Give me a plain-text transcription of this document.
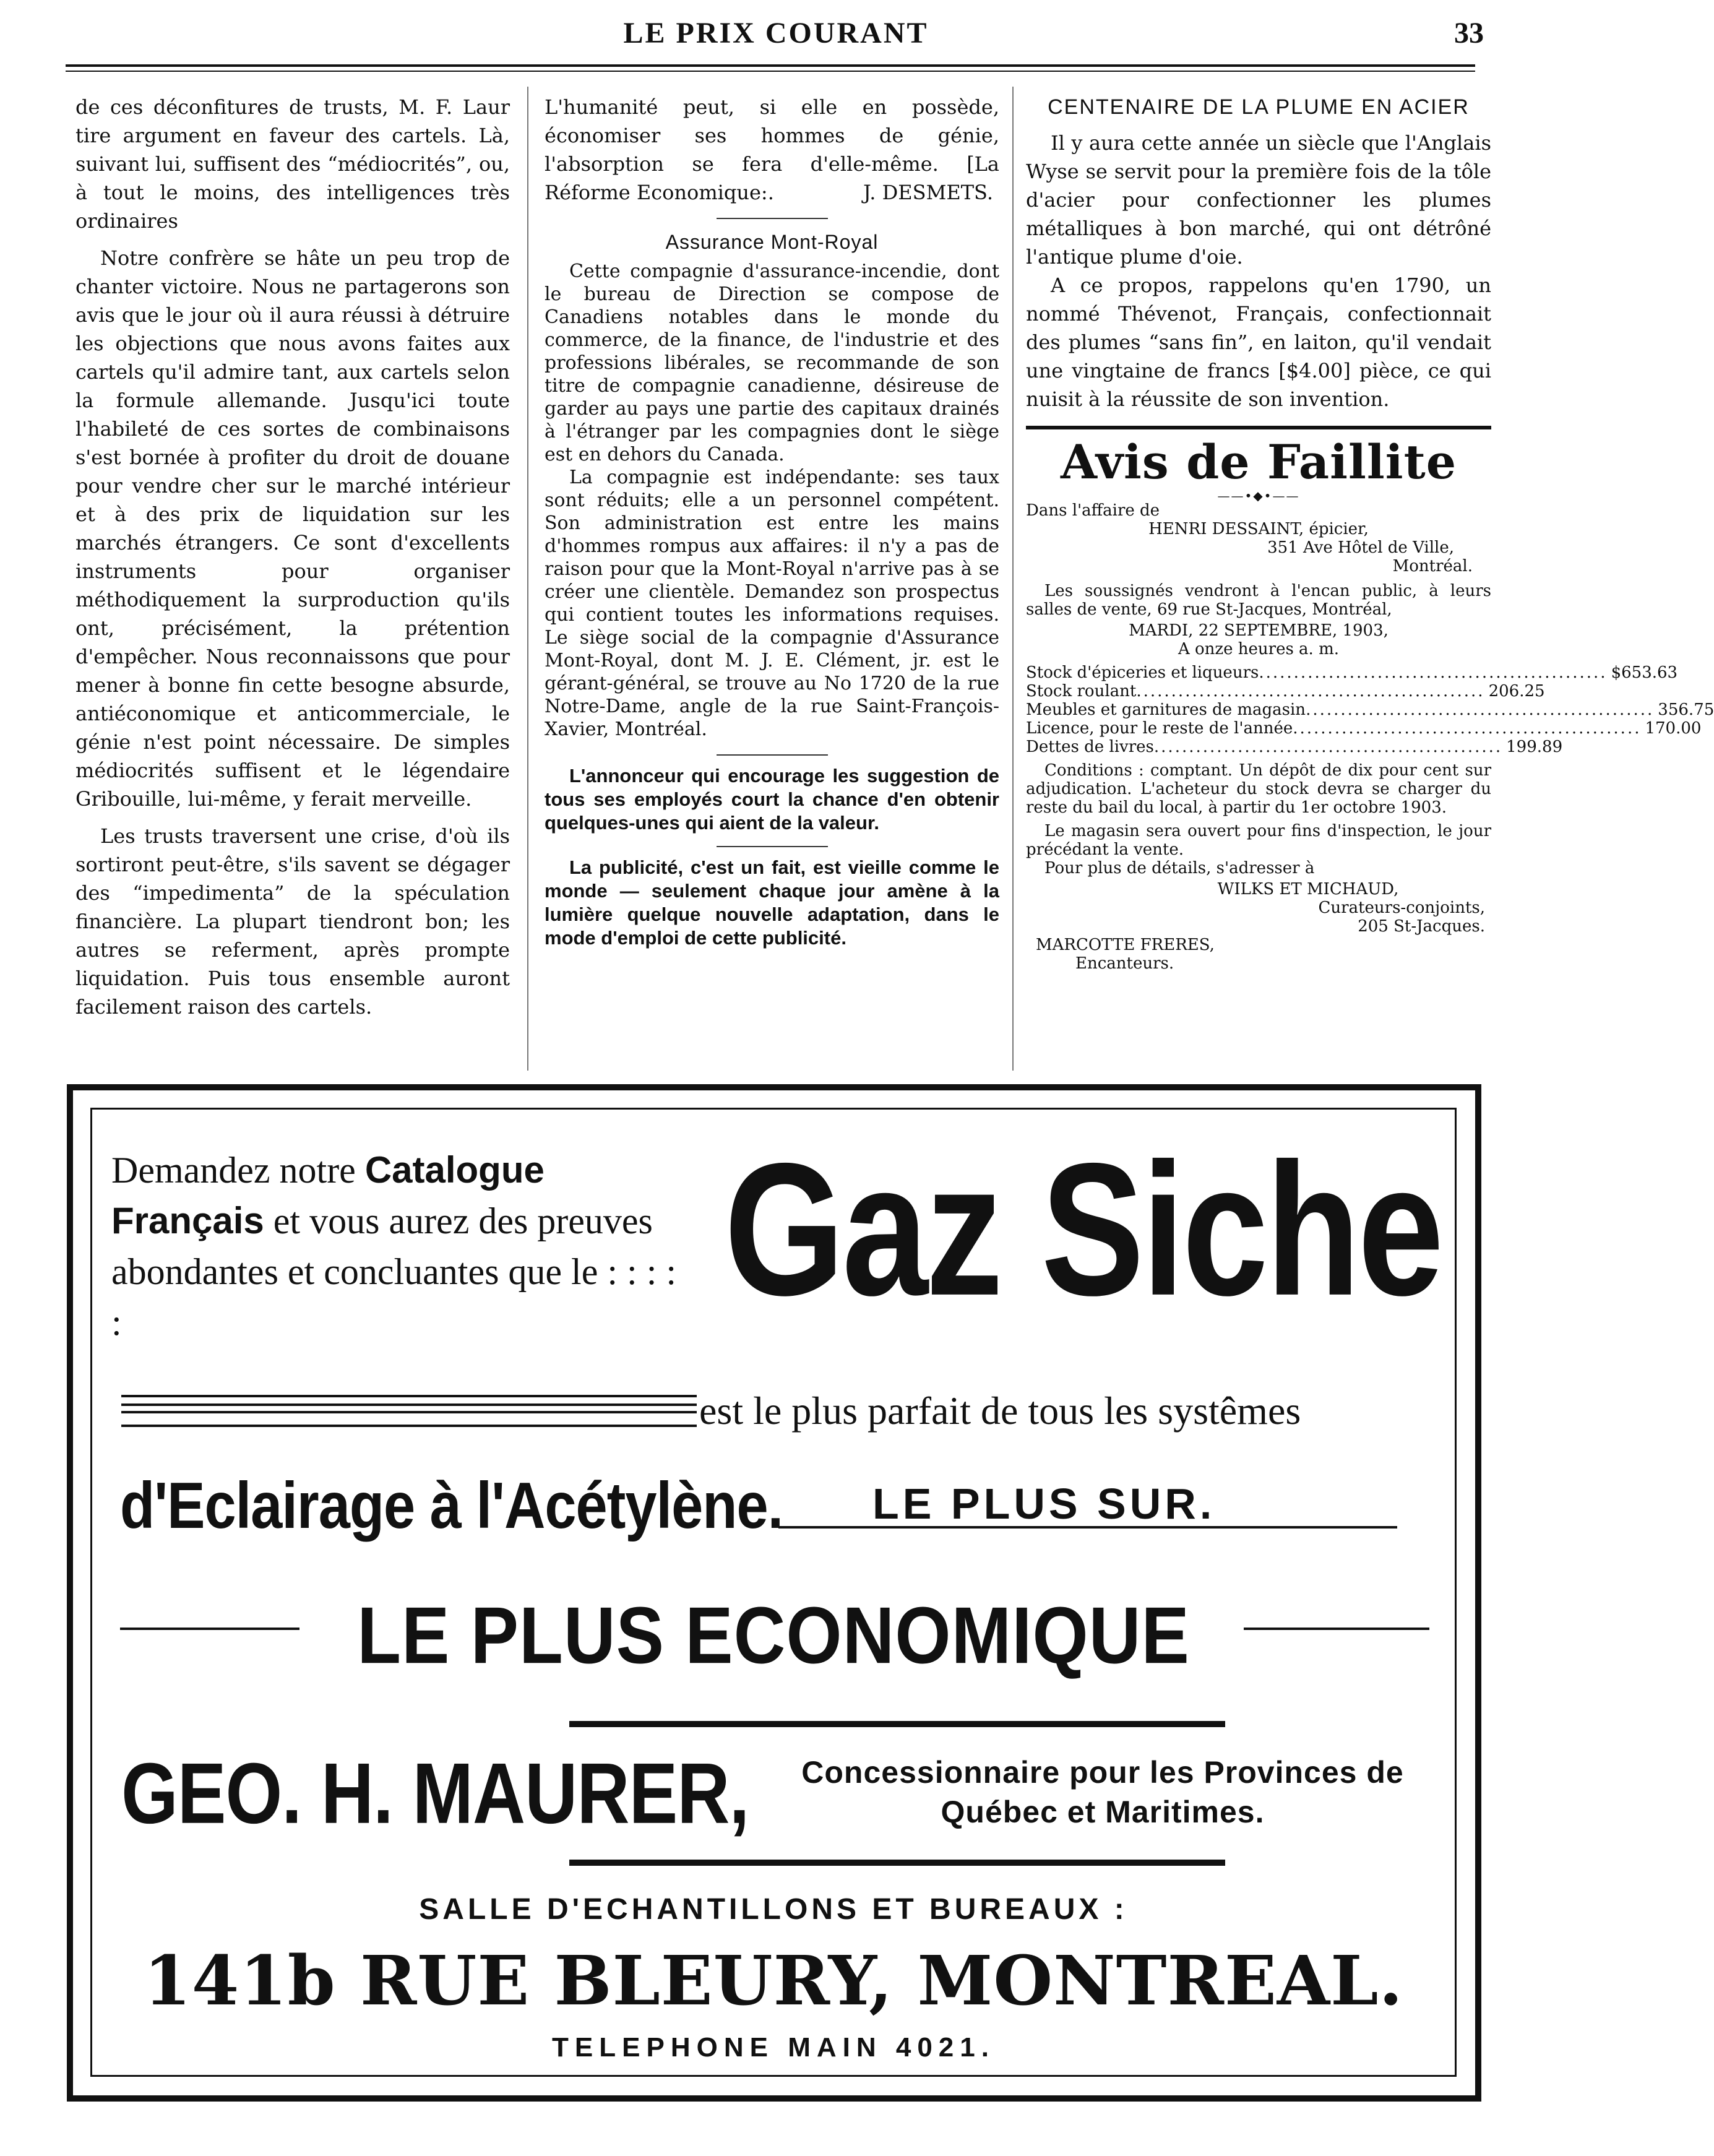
LE PRIX COURANT	33

de ces déconfitures de trusts, M. F. Laur tire argument en faveur des cartels. Là, suivant lui, suffisent des “médiocrités”, ou, à tout le moins, des intelligences très ordinaires

Notre confrère se hâte un peu trop de chanter victoire. Nous ne partagerons son avis que le jour où il aura réussi à détruire les objections que nous avons faites aux cartels qu'il admire tant, aux cartels selon la formule allemande. Jusqu'ici toute l'habileté de ces sortes de combinaisons s'est bornée à profiter du droit de douane pour vendre cher sur le marché intérieur et à des prix de liquidation sur les marchés étrangers. Ce sont d'excellents instruments pour organiser méthodiquement la surproduction qu'ils ont, précisément, la prétention d'empêcher. Nous reconnaissons que pour mener à bonne fin cette besogne absurde, antiéconomique et anticommerciale, le génie n'est point nécessaire. De simples médiocrités suffisent et le légendaire Gribouille, lui-même, y ferait merveille.

Les trusts traversent une crise, d'où ils sortiront peut-être, s'ils savent se dégager des “impedimenta” de la spéculation financière. La plupart tiendront bon; les autres se referment, après prompte liquidation. Puis tous ensemble auront facilement raison des cartels.

L'humanité peut, si elle en possède, économiser ses hommes de génie, l'absorption se fera d'elle-même. [La Réforme Economique:.	J. DESMETS.
Assurance Mont-Royal

Cette compagnie d'assurance-incendie, dont le bureau de Direction se compose de Canadiens notables dans le monde du commerce, de la finance, de l'industrie et des professions libérales, se recommande de son titre de compagnie canadienne, désireuse de garder au pays une partie des capitaux drainés à l'étranger par les compagnies dont le siège est en dehors du Canada.

La compagnie est indépendante: ses taux sont réduits; elle a un personnel compétent. Son administration est entre les mains d'hommes rompus aux affaires: il n'y a pas de raison pour que la Mont-Royal n'arrive pas à se créer une clientèle. Demandez son prospectus qui contient toutes les informations requises. Le siège social de la compagnie d'Assurance Mont-Royal, dont M. J. E. Clément, jr. est le gérant-général, se trouve au No 1720 de la rue Notre-Dame, angle de la rue Saint-François-Xavier, Montréal.

L'annonceur qui encourage les suggestion de tous ses employés court la chance d'en obtenir quelques-unes qui aient de la valeur.

La publicité, c'est un fait, est vieille comme le monde — seulement chaque jour amène à la lumière quelque nouvelle adaptation, dans le mode d'emploi de cette publicité.

CENTENAIRE DE LA PLUME EN ACIER

Il y aura cette année un siècle que l'Anglais Wyse se servit pour la première fois de la tôle d'acier pour confectionner les plumes métalliques à bon marché, qui ont détrôné l'antique plume d'oie.

A ce propos, rappelons qu'en 1790, un nommé Thévenot, Français, confectionnait des plumes “sans fin”, en laiton, qu'il vendait une vingtaine de francs [$4.00] pièce, ce qui nuisit à la réussite de son invention.

Avis de Faillite
——•◆•——
Dans l'affaire de
HENRI DESSAINT, épicier,
351 Ave Hôtel de Ville,
Montréal.
Les soussignés vendront à l'encan public, à leurs salles de vente, 69 rue St-Jacques, Montréal,
MARDI, 22 SEPTEMBRE, 1903,
A onze heures a. m.
Stock d'épiceries et liqueurs .................................................. $653.63
Stock roulant .................................................. 206.25
Meubles et garnitures de magasin .................................................. 356.75
Licence, pour le reste de l'année .................................................. 170.00
Dettes de livres .................................................. 199.89
Conditions : comptant. Un dépôt de dix pour cent sur adjudication. L'acheteur du stock devra se charger du reste du bail du local, à partir du 1er octobre 1903.
Le magasin sera ouvert pour fins d'inspection, le jour précédant la vente.
Pour plus de détails, s'adresser à
WILKS ET MICHAUD,
Curateurs-conjoints,
205 St-Jacques.
MARCOTTE FRERES,
Encanteurs.
Demandez notre Catalogue Français et vous aurez des preuves abondantes et concluantes que le : : : : :	Gaz Siche
est le plus parfait de tous les systêmes
d'Eclairage à l'Acétylène. LE PLUS SUR.
LE PLUS ECONOMIQUE
GEO. H. MAURER,	Concessionnaire pour les Provinces de Québec et Maritimes.
SALLE D'ECHANTILLONS ET BUREAUX :
141b RUE BLEURY, MONTREAL.
TELEPHONE MAIN 4021.
